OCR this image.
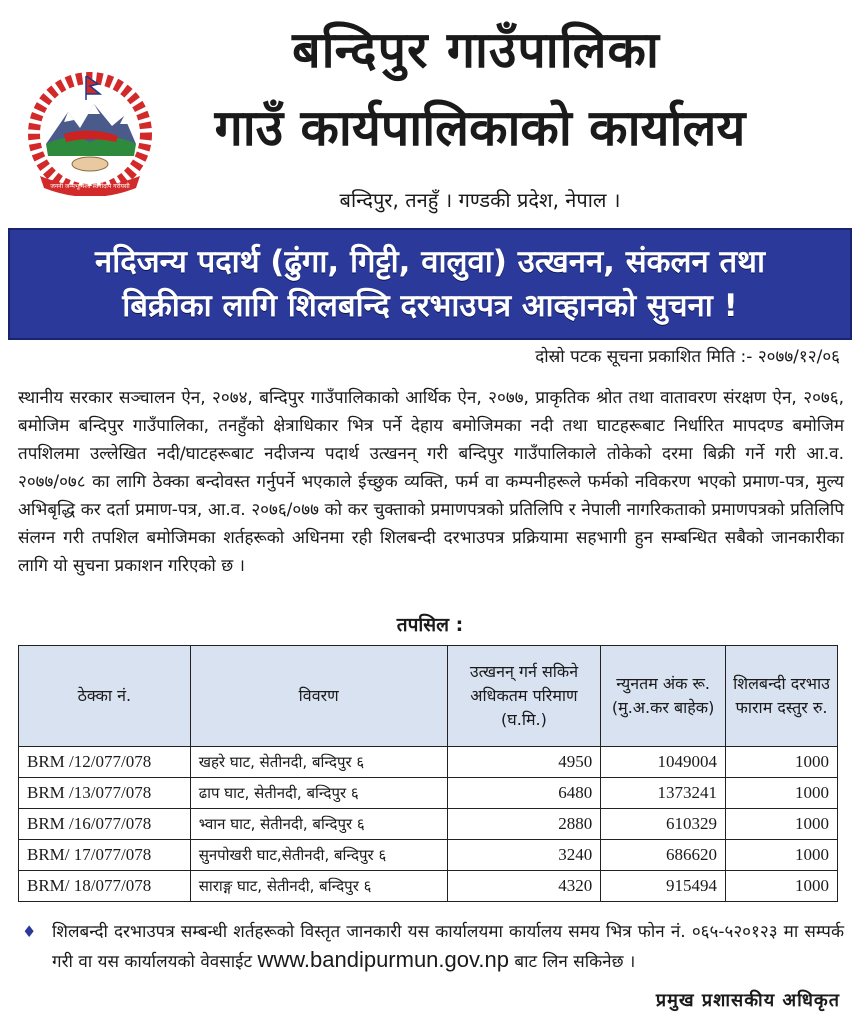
जननी जन्मभूमिश्च स्वर्गादपि गरीयसी
बन्दिपुर गाउँपालिका
गाउँ कार्यपालिकाको कार्यालय
बन्दिपुर, तनहुँ । गण्डकी प्रदेश, नेपाल ।
नदिजन्य पदार्थ (ढुंगा, गिट्टी, वालुवा) उत्खनन, संकलन तथा
बिक्रीका लागि शिलबन्दि दरभाउपत्र आव्हानको सुचना !
दोस्रो पटक सूचना प्रकाशित मिति :- २०७७/१२/०६
स्थानीय सरकार सञ्चालन ऐन, २०७४, बन्दिपुर गाउँपालिकाको आर्थिक ऐन, २०७७, प्राकृतिक श्रोत तथा वातावरण संरक्षण ऐन, २०७६, बमोजिम बन्दिपुर गाउँपालिका, तनहुँको क्षेत्राधिकार भित्र पर्ने देहाय बमोजिमका नदी तथा घाटहरूबाट निर्धारित मापदण्ड बमोजिम तपशिलमा उल्लेखित नदी/घाटहरूबाट नदीजन्य पदार्थ उत्खनन् गरी बन्दिपुर गाउँपालिकाले तोकेको दरमा बिक्री गर्ने गरी आ.व. २०७७/०७८ का लागि ठेक्का बन्दोवस्त गर्नुपर्ने भएकाले ईच्छुक व्यक्ति, फर्म वा कम्पनीहरूले फर्मको नविकरण भएको प्रमाण-पत्र, मुल्य अभिबृद्धि कर दर्ता प्रमाण-पत्र, आ.व. २०७६/०७७ को कर चुक्ताको प्रमाणपत्रको प्रतिलिपि र नेपाली नागरिकताको प्रमाणपत्रको प्रतिलिपि संलग्न गरी तपशिल बमोजिमका शर्तहरूको अधिनमा रही शिलबन्दी दरभाउपत्र प्रक्रियामा सहभागी हुन सम्बन्धित सबैको जानकारीका लागि यो सुचना प्रकाशन गरिएको छ ।
तपसिल :
ठेक्का नं.	विवरण	उत्खनन् गर्न सकिने अधिकतम परिमाण (घ.मि.)	न्युनतम अंक रू. (मु.अ.कर बाहेक)	शिलबन्दी दरभाउ फाराम दस्तुर रु.
BRM /12/077/078	खहरे घाट, सेतीनदी, बन्दिपुर ६	4950	1049004	1000
BRM /13/077/078	ढाप घाट, सेतीनदी, बन्दिपुर ६	6480	1373241	1000
BRM /16/077/078	भ्वान घाट, सेतीनदी, बन्दिपुर ६	2880	610329	1000
BRM/ 17/077/078	सुनपोखरी घाट,सेतीनदी, बन्दिपुर ६	3240	686620	1000
BRM/ 18/077/078	साराङ्ग घाट, सेतीनदी, बन्दिपुर ६	4320	915494	1000
♦ शिलबन्दी दरभाउपत्र सम्बन्धी शर्तहरूको विस्तृत जानकारी यस कार्यालयमा कार्यालय समय भित्र फोन नं. ०६५-५२०१२३ मा सम्पर्क गरी वा यस कार्यालयको वेवसाईट www.bandipurmun.gov.np बाट लिन सकिनेछ ।
प्रमुख प्रशासकीय अधिकृत
